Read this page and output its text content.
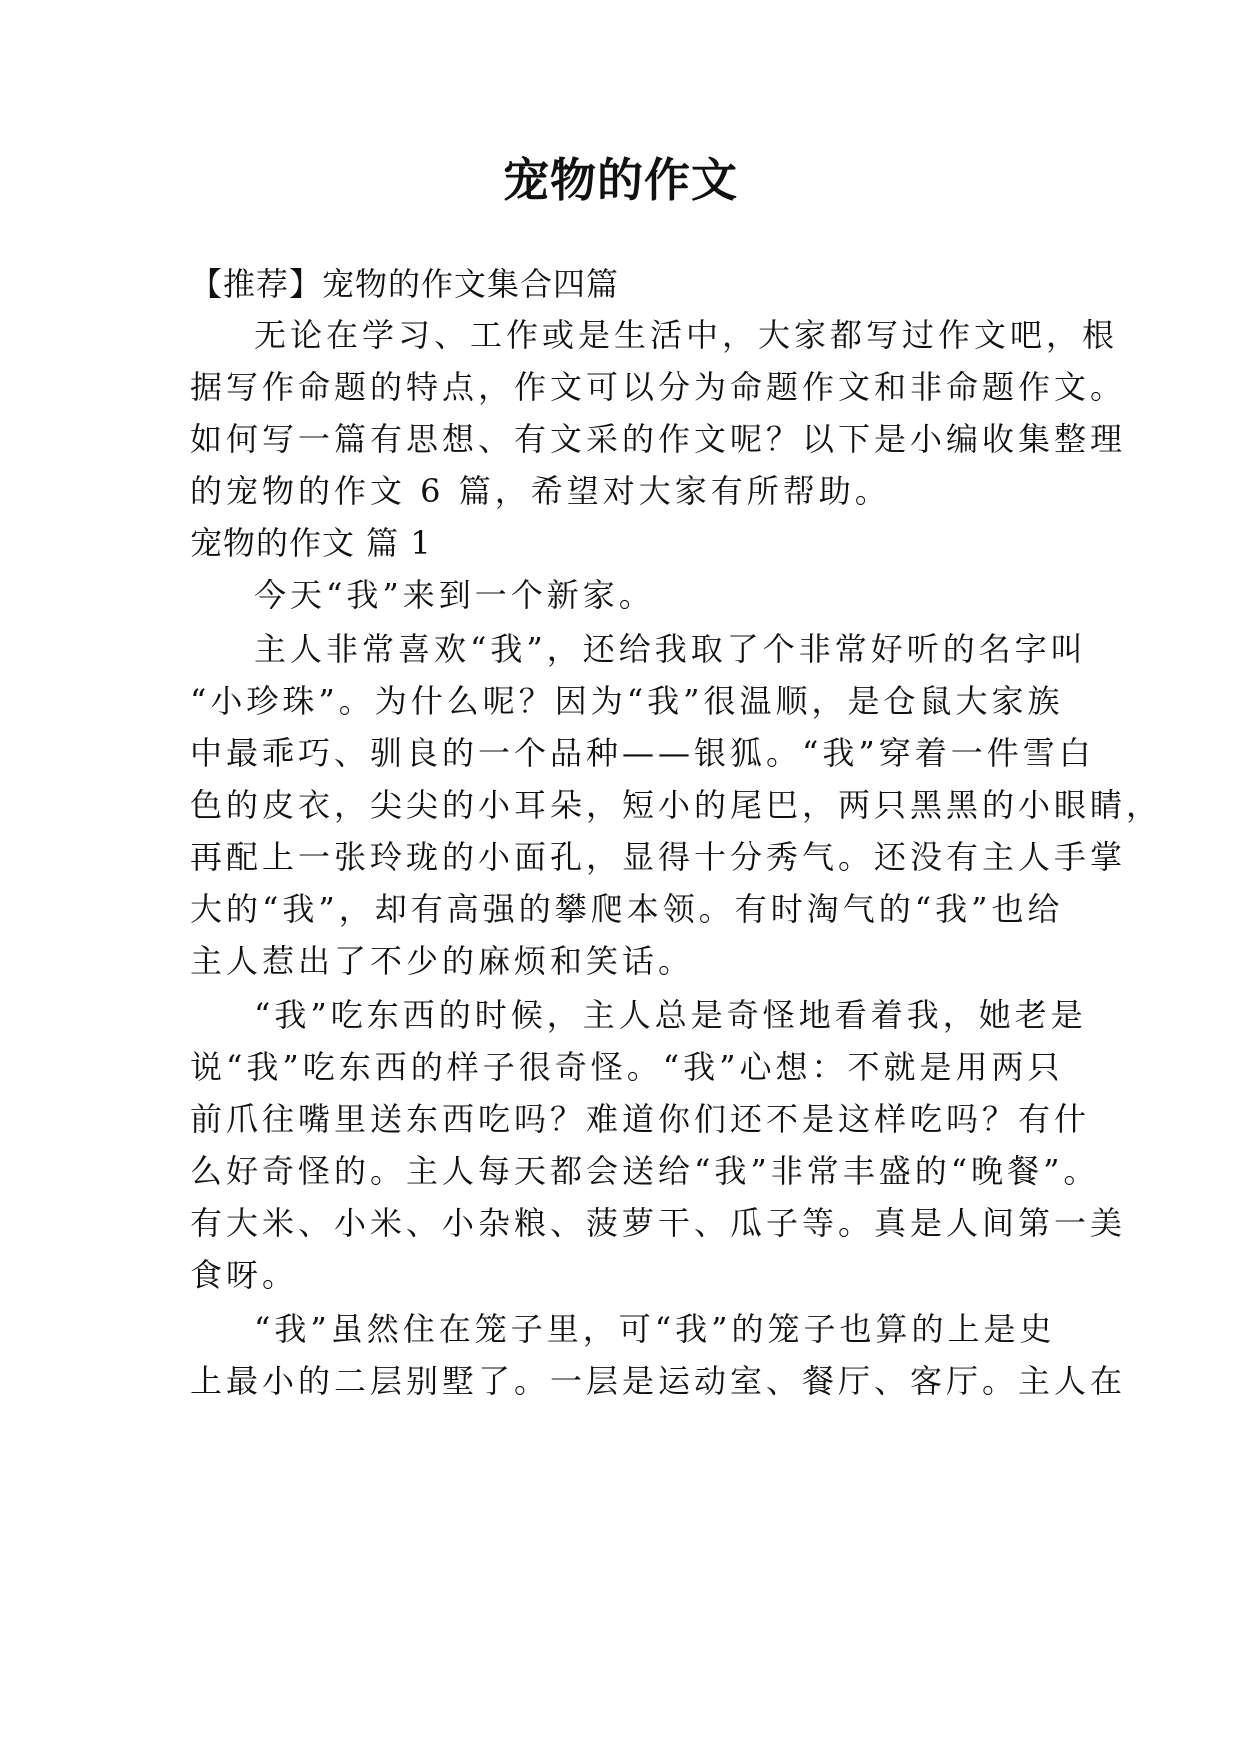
宠物的作文
【推荐】宠物的作文集合四篇
无论在学习、工作或是生活中，大家都写过作文吧，根
据写作命题的特点，作文可以分为命题作文和非命题作文。
如何写一篇有思想、有文采的作文呢？以下是小编收集整理
的宠物的作文 6 篇，希望对大家有所帮助。
宠物的作文 篇 1
今天“我”来到一个新家。
主人非常喜欢“我”，还给我取了个非常好听的名字叫
“小珍珠”。为什么呢？因为“我”很温顺，是仓鼠大家族
中最乖巧、驯良的一个品种——银狐。“我”穿着一件雪白
色的皮衣，尖尖的小耳朵，短小的尾巴，两只黑黑的小眼睛，
再配上一张玲珑的小面孔，显得十分秀气。还没有主人手掌
大的“我”，却有高强的攀爬本领。有时淘气的“我”也给
主人惹出了不少的麻烦和笑话。
“我”吃东西的时候，主人总是奇怪地看着我，她老是
说“我”吃东西的样子很奇怪。“我”心想：不就是用两只
前爪往嘴里送东西吃吗？难道你们还不是这样吃吗？有什
么好奇怪的。主人每天都会送给“我”非常丰盛的“晚餐”。
有大米、小米、小杂粮、菠萝干、瓜子等。真是人间第一美
食呀。
“我”虽然住在笼子里，可“我”的笼子也算的上是史
上最小的二层别墅了。一层是运动室、餐厅、客厅。主人在
